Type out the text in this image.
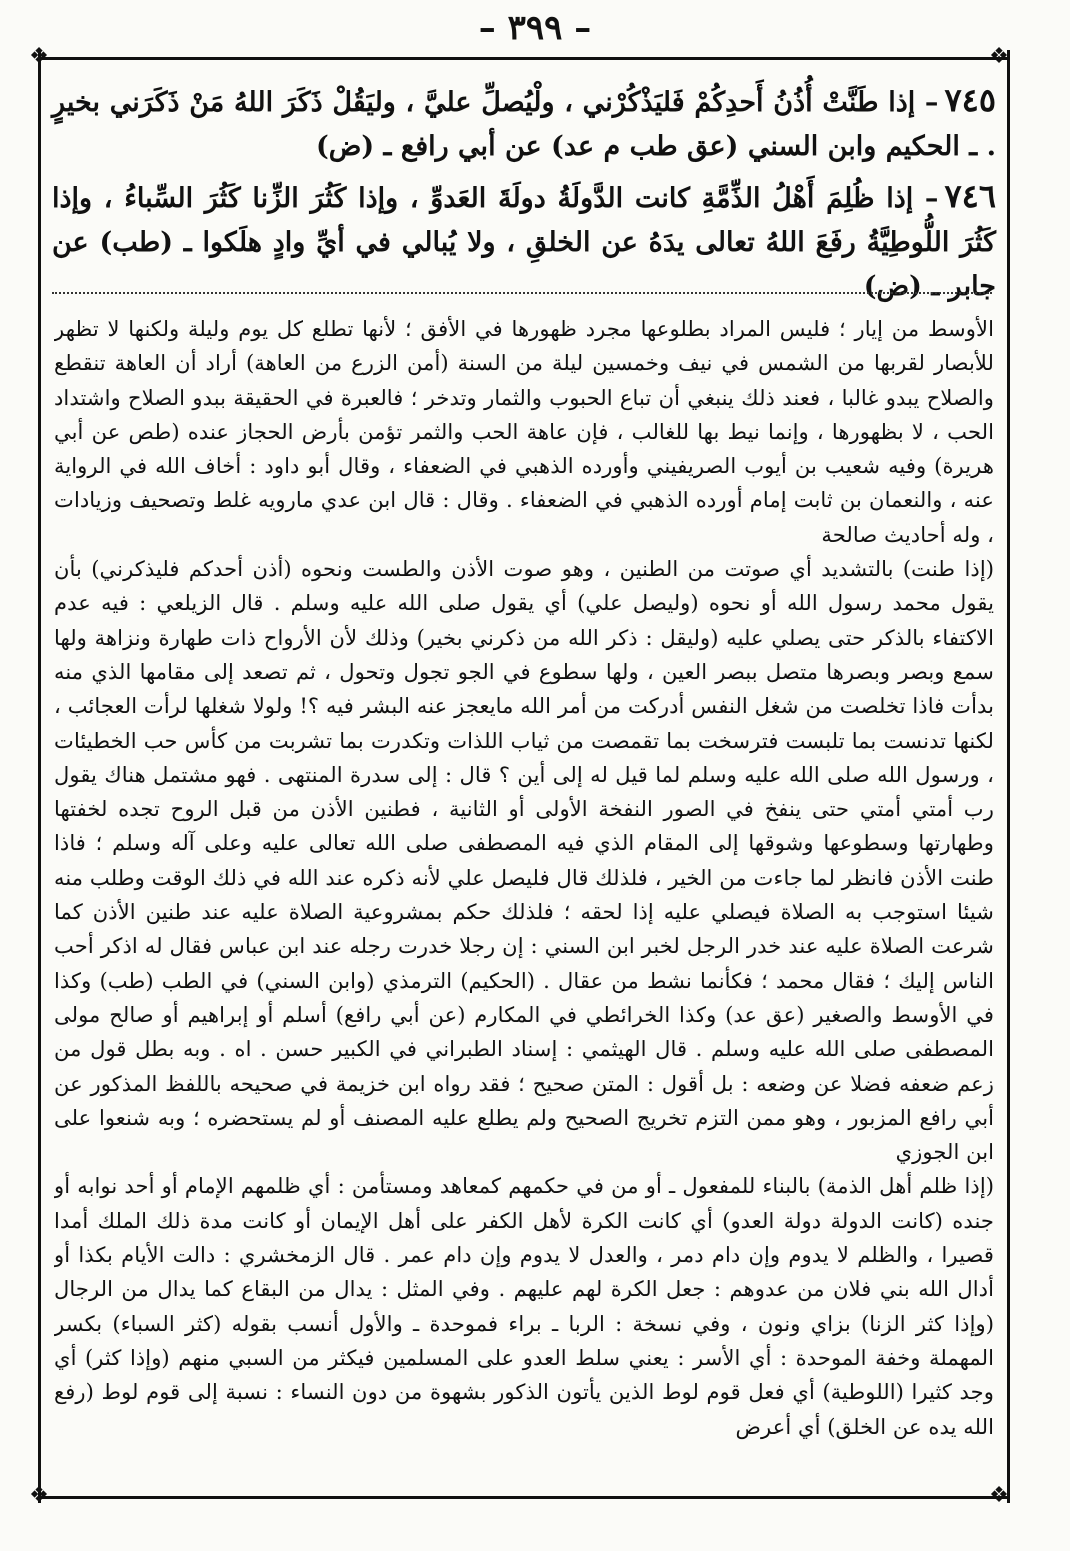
– ٣٩٩ –
❖	❖
❖	❖
٧٤٥– إذا طَنَّتْ أُذُنُ أَحدِكُمْ فَليَذْكُرْني ، ولْيُصلِّ عليَّ ، وليَقُلْ ذَكَرَ اللهُ مَنْ ذَكَرَني بخيرٍ . ـ الحكيم وابن السني (عق طب م عد) عن أبي رافع ـ (ض)
٧٤٦– إذا ظُلِمَ أَهْلُ الذِّمَّةِ كانت الدَّولَةُ دولَةَ العَدوِّ ، وإذا كَثُرَ الزِّنا كَثُرَ السِّباءُ ، وإذا كَثُرَ اللُّوطِيَّةُ رفَعَ اللهُ تعالى يدَهُ عن الخلقِ ، ولا يُبالي في أيِّ وادٍ هلَكوا ـ (طب) عن جابر ـ (ض)

الأوسط من إيار ؛ فليس المراد بطلوعها مجرد ظهورها في الأفق ؛ لأنها تطلع كل يوم وليلة ولكنها لا تظهر للأبصار لقربها من الشمس في نيف وخمسين ليلة من السنة (أمن الزرع من العاهة) أراد أن العاهة تنقطع والصلاح يبدو غالبا ، فعند ذلك ينبغي أن تباع الحبوب والثمار وتدخر ؛ فالعبرة في الحقيقة ببدو الصلاح واشتداد الحب ، لا بظهورها ، وإنما نيط بها للغالب ، فإن عاهة الحب والثمر تؤمن بأرض الحجاز عنده (طص عن أبي هريرة) وفيه شعيب بن أيوب الصريفيني وأورده الذهبي في الضعفاء ، وقال أبو داود : أخاف الله في الرواية عنه ، والنعمان بن ثابت إمام أورده الذهبي في الضعفاء . وقال : قال ابن عدي مارويه غلط وتصحيف وزيادات ، وله أحاديث صالحة

(إذا طنت) بالتشديد أي صوتت من الطنين ، وهو صوت الأذن والطست ونحوه (أذن أحدكم فليذكرني) بأن يقول محمد رسول الله أو نحوه (وليصل علي) أي يقول صلى الله عليه وسلم . قال الزيلعي : فيه عدم الاكتفاء بالذكر حتى يصلي عليه (وليقل : ذكر الله من ذكرني بخير) وذلك لأن الأرواح ذات طهارة ونزاهة ولها سمع وبصر وبصرها متصل ببصر العين ، ولها سطوع في الجو تجول وتحول ، ثم تصعد إلى مقامها الذي منه بدأت فاذا تخلصت من شغل النفس أدركت من أمر الله مايعجز عنه البشر فيه ؟! ولولا شغلها لرأت العجائب ، لكنها تدنست بما تلبست فترسخت بما تقمصت من ثياب اللذات وتكدرت بما تشربت من كأس حب الخطيئات ، ورسول الله صلى الله عليه وسلم لما قيل له إلى أين ؟ قال : إلى سدرة المنتهى . فهو مشتمل هناك يقول رب أمتي أمتي حتى ينفخ في الصور النفخة الأولى أو الثانية ، فطنين الأذن من قبل الروح تجده لخفتها وطهارتها وسطوعها وشوقها إلى المقام الذي فيه المصطفى صلى الله تعالى عليه وعلى آله وسلم ؛ فاذا طنت الأذن فانظر لما جاءت من الخير ، فلذلك قال فليصل علي لأنه ذكره عند الله في ذلك الوقت وطلب منه شيئا استوجب به الصلاة فيصلي عليه إذا لحقه ؛ فلذلك حكم بمشروعية الصلاة عليه عند طنين الأذن كما شرعت الصلاة عليه عند خدر الرجل لخبر ابن السني : إن رجلا خدرت رجله عند ابن عباس فقال له اذكر أحب الناس إليك ؛ فقال محمد ؛ فكأنما نشط من عقال . (الحكيم) الترمذي (وابن السني) في الطب (طب) وكذا في الأوسط والصغير (عق عد) وكذا الخرائطي في المكارم (عن أبي رافع) أسلم أو إبراهيم أو صالح مولى المصطفى صلى الله عليه وسلم . قال الهيثمي : إسناد الطبراني في الكبير حسن . اه . وبه بطل قول من زعم ضعفه فضلا عن وضعه : بل أقول : المتن صحيح ؛ فقد رواه ابن خزيمة في صحيحه باللفظ المذكور عن أبي رافع المزبور ، وهو ممن التزم تخريج الصحيح ولم يطلع عليه المصنف أو لم يستحضره ؛ وبه شنعوا على ابن الجوزي

(إذا ظلم أهل الذمة) بالبناء للمفعول ـ أو من في حكمهم كمعاهد ومستأمن : أي ظلمهم الإمام أو أحد نوابه أو جنده (كانت الدولة دولة العدو) أي كانت الكرة لأهل الكفر على أهل الإيمان أو كانت مدة ذلك الملك أمدا قصيرا ، والظلم لا يدوم وإن دام دمر ، والعدل لا يدوم وإن دام عمر . قال الزمخشري : دالت الأيام بكذا أو أدال الله بني فلان من عدوهم : جعل الكرة لهم عليهم . وفي المثل : يدال من البقاع كما يدال من الرجال (وإذا كثر الزنا) بزاي ونون ، وفي نسخة : الربا ـ براء فموحدة ـ والأول أنسب بقوله (كثر السباء) بكسر المهملة وخفة الموحدة : أي الأسر : يعني سلط العدو على المسلمين فيكثر من السبي منهم (وإذا كثر) أي وجد كثيرا (اللوطية) أي فعل قوم لوط الذين يأتون الذكور بشهوة من دون النساء : نسبة إلى قوم لوط (رفع الله يده عن الخلق) أي أعرض
